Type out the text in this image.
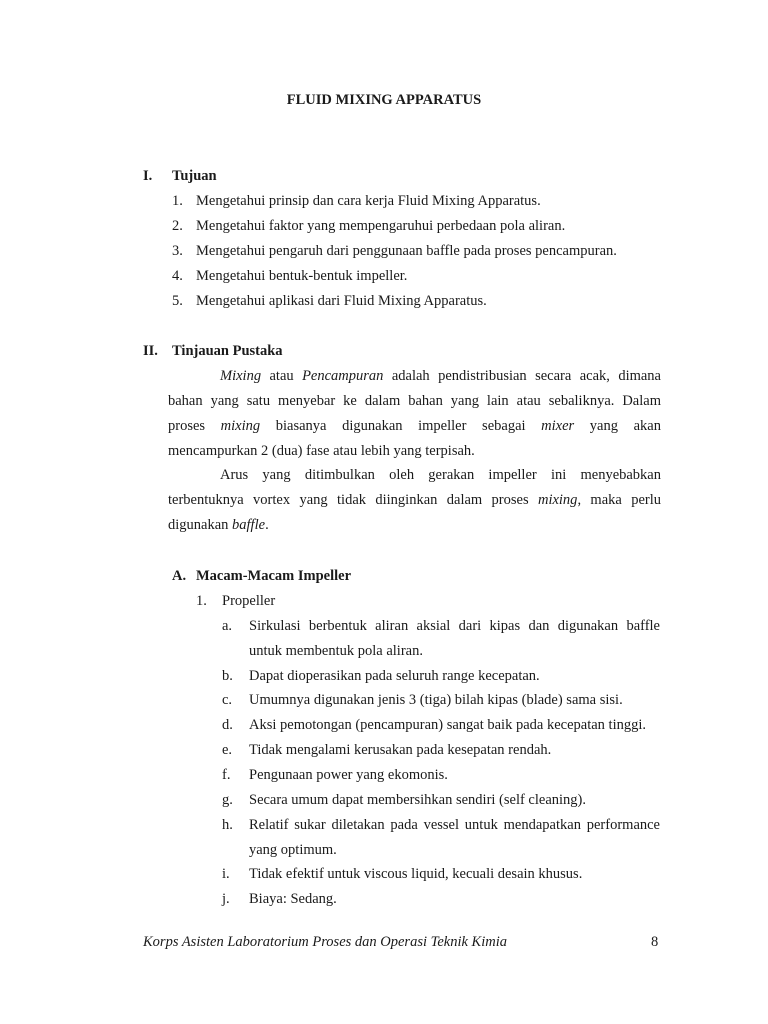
FLUID MIXING APPARATUS
I. Tujuan
1. Mengetahui prinsip dan cara kerja Fluid Mixing Apparatus.
2. Mengetahui faktor yang mempengaruhui perbedaan pola aliran.
3. Mengetahui pengaruh dari penggunaan baffle pada proses pencampuran.
4. Mengetahui bentuk-bentuk impeller.
5. Mengetahui aplikasi dari Fluid Mixing Apparatus.
II. Tinjauan Pustaka
Mixing atau Pencampuran adalah pendistribusian secara acak, dimana
bahan yang satu menyebar ke dalam bahan yang lain atau sebaliknya. Dalam
proses mixing biasanya digunakan impeller sebagai mixer yang akan
mencampurkan 2 (dua) fase atau lebih yang terpisah.
Arus yang ditimbulkan oleh gerakan impeller ini menyebabkan
terbentuknya vortex yang tidak diinginkan dalam proses mixing, maka perlu
digunakan baffle.
A. Macam-Macam Impeller
1. Propeller
a. Sirkulasi berbentuk aliran aksial dari kipas dan digunakan baffle
untuk membentuk pola aliran.
b. Dapat dioperasikan pada seluruh range kecepatan.
c. Umumnya digunakan jenis 3 (tiga) bilah kipas (blade) sama sisi.
d. Aksi pemotongan (pencampuran) sangat baik pada kecepatan tinggi.
e. Tidak mengalami kerusakan pada kesepatan rendah.
f. Pengunaan power yang ekomonis.
g. Secara umum dapat membersihkan sendiri (self cleaning).
h. Relatif sukar diletakan pada vessel untuk mendapatkan performance
yang optimum.
i. Tidak efektif untuk viscous liquid, kecuali desain khusus.
j. Biaya: Sedang.
Korps Asisten Laboratorium Proses dan Operasi Teknik Kimia	8
